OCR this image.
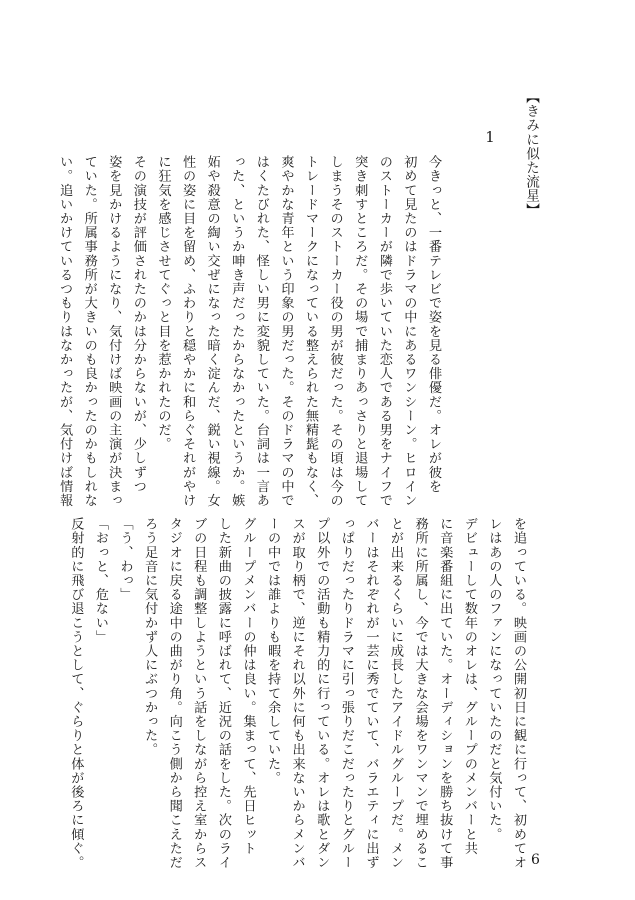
【きみに似た流星】
1

今きっと、一番テレビで姿を見る俳優だ。オレが彼を

初めて見たのはドラマの中にあるワンシーン。ヒロイン

のストーカーが隣で歩いていた恋人である男をナイフで

突き刺すところだ。その場で捕まりあっさりと退場して

しまうそのストーカー役の男が彼だった。その頃は今の

トレードマークになっている整えられた無精髭もなく、

爽やかな青年という印象の男だった。そのドラマの中で

はくたびれた、怪しい男に変貌していた。台詞は一言あ

った、というか呻き声だったからなかったというか。嫉

妬や殺意の綯い交ぜになった暗く淀んだ、鋭い視線。女

性の姿に目を留め、ふわりと穏やかに和らぐそれがやけ

に狂気を感じさせてぐっと目を惹かれたのだ。

その演技が評価されたのかは分からないが、少しずつ

姿を見かけるようになり、気付けば映画の主演が決まっ

ていた。所属事務所が大きいのも良かったのかもしれな

い。追いかけているつもりはなかったが、気付けば情報

を追っている。映画の公開初日に観に行って、初めてオ

レはあの人のファンになっていたのだと気付いた。

デビューして数年のオレは、グループのメンバーと共

に音楽番組に出ていた。オーディションを勝ち抜けて事

務所に所属し、今では大きな会場をワンマンで埋めるこ

とが出来るくらいに成長したアイドルグループだ。メン

バーはそれぞれが一芸に秀でていて、バラエティに出ず

っぱりだったりドラマに引っ張りだこだったりとグルー

プ以外での活動も精力的に行っている。オレは歌とダン

スが取り柄で、逆にそれ以外に何も出来ないからメンバ

ーの中では誰よりも暇を持て余していた。

グループメンバーの仲は良い。集まって、先日ヒット

した新曲の披露に呼ばれて、近況の話をした。次のライ

ブの日程も調整しようという話をしながら控え室からス

タジオに戻る途中の曲がり角。向こう側から聞こえただ

ろう足音に気付かず人にぶつかった。

「う、わっ」

「おっと、危ない」

反射的に飛び退こうとして、ぐらりと体が後ろに傾ぐ。	6
